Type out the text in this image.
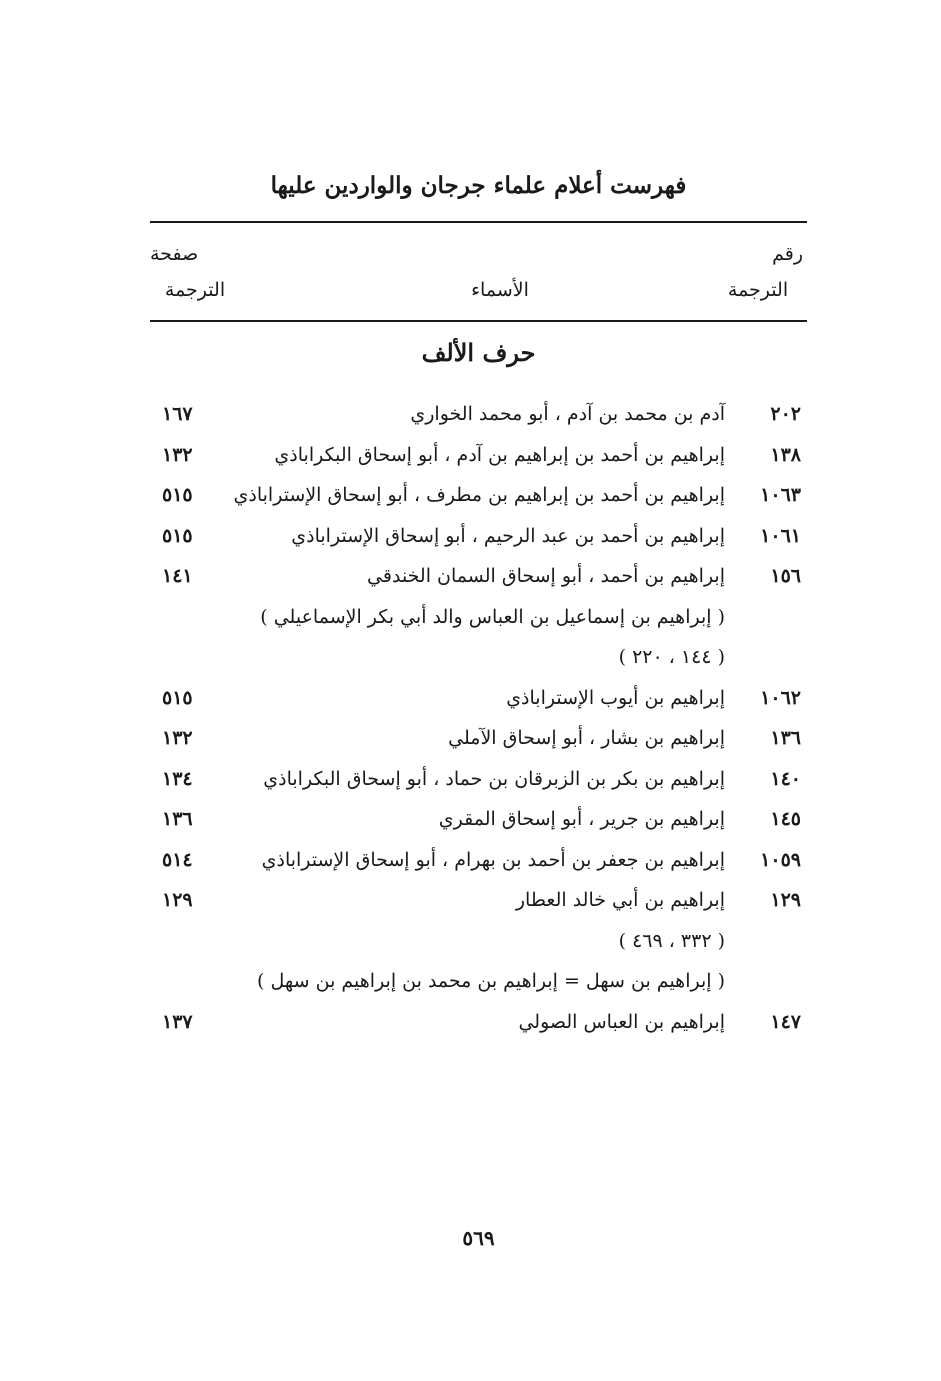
فهرست أعلام علماء جرجان والواردين عليها
رقم
الترجمة
الأسماء
صفحة
الترجمة
حرف الألف
٢٠٢
آدم بن محمد بن آدم ، أبو محمد الخواري
١٦٧
١٣٨
إبراهيم بن أحمد بن إبراهيم بن آدم ، أبو إسحاق البكراباذي
١٣٢
١٠٦٣
إبراهيم بن أحمد بن إبراهيم بن مطرف ، أبو إسحاق الإستراباذي
٥١٥
١٠٦١
إبراهيم بن أحمد بن عبد الرحيم ، أبو إسحاق الإستراباذي
٥١٥
١٥٦
إبراهيم بن أحمد ، أبو إسحاق السمان الخندقي
١٤١
( إبراهيم بن إسماعيل بن العباس والد أبي بكر الإسماعيلي )
( ١٤٤ ، ٢٢٠ )
١٠٦٢
إبراهيم بن أيوب الإستراباذي
٥١٥
١٣٦
إبراهيم بن بشار ، أبو إسحاق الآملي
١٣٢
١٤٠
إبراهيم بن بكر بن الزبرقان بن حماد ، أبو إسحاق البكراباذي
١٣٤
١٤٥
إبراهيم بن جرير ، أبو إسحاق المقري
١٣٦
١٠٥٩
إبراهيم بن جعفر بن أحمد بن بهرام ، أبو إسحاق الإستراباذي
٥١٤
١٢٩
إبراهيم بن أبي خالد العطار
( ٣٣٢ ، ٤٦٩ )
١٢٩
( إبراهيم بن سهل = إبراهيم بن محمد بن إبراهيم بن سهل )
١٤٧
إبراهيم بن العباس الصولي
١٣٧
٥٦٩
